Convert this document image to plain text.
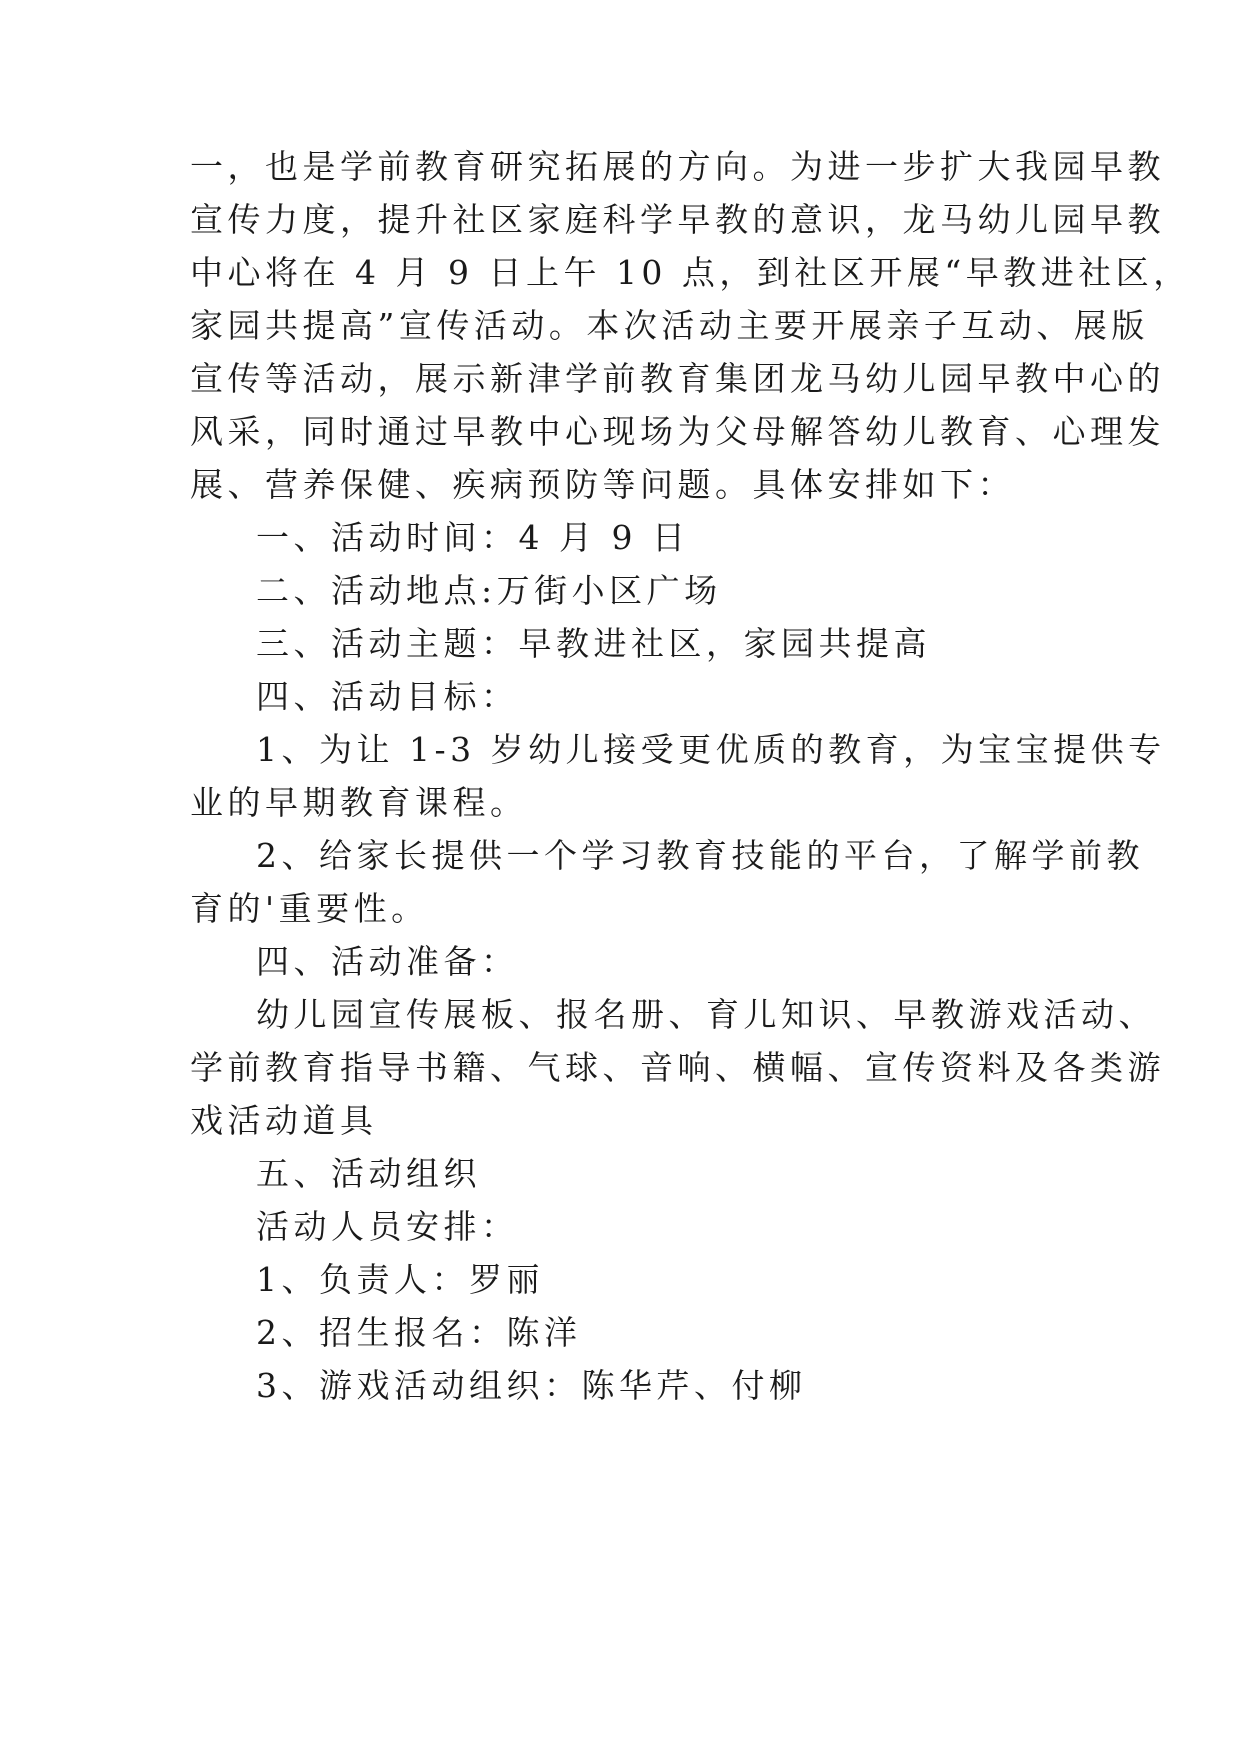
一，也是学前教育研究拓展的方向。为进一步扩大我园早教
宣传力度，提升社区家庭科学早教的意识，龙马幼儿园早教
中心将在 4 月 9 日上午 10 点，到社区开展“早教进社区，
家园共提高”宣传活动。本次活动主要开展亲子互动、展版
宣传等活动，展示新津学前教育集团龙马幼儿园早教中心的
风采，同时通过早教中心现场为父母解答幼儿教育、心理发
展、营养保健、疾病预防等问题。具体安排如下：
一、活动时间：4 月 9 日
二、活动地点:万街小区广场
三、活动主题：早教进社区，家园共提高
四、活动目标：
1、为让 1-3 岁幼儿接受更优质的教育，为宝宝提供专
业的早期教育课程。
2、给家长提供一个学习教育技能的平台，了解学前教
育的'重要性。
四、活动准备：
幼儿园宣传展板、报名册、育儿知识、早教游戏活动、
学前教育指导书籍、气球、音响、横幅、宣传资料及各类游
戏活动道具
五、活动组织
活动人员安排：
1、负责人：罗丽
2、招生报名：陈洋
3、游戏活动组织：陈华芹、付柳
